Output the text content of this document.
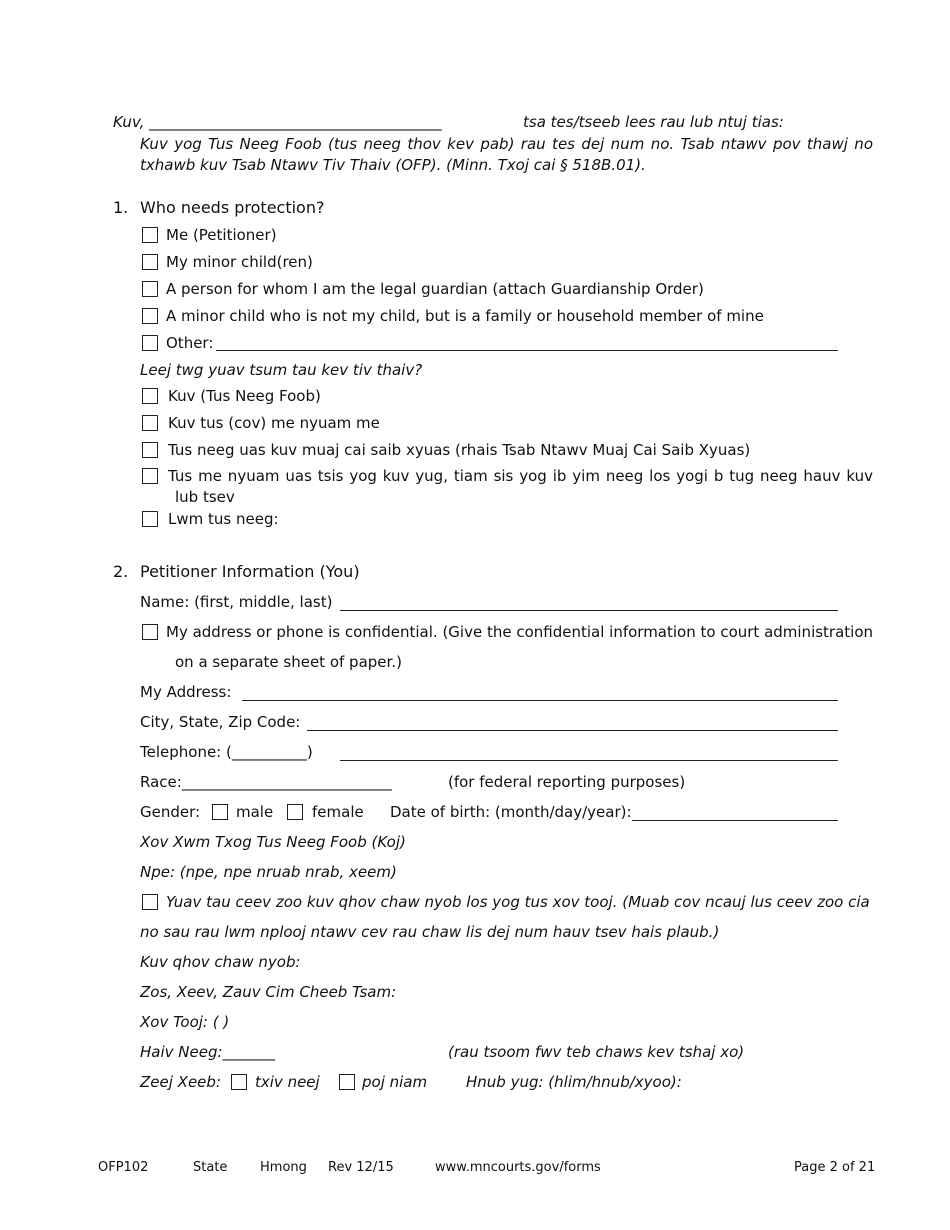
Kuv, _______________________________________	tsa tes/tseeb lees rau lub ntuj tias:
Kuv yog Tus Neeg Foob (tus neeg thov kev pab) rau tes dej num no. Tsab ntawv pov thawj no
txhawb kuv Tsab Ntawv Tiv Thaiv (OFP). (Minn. Txoj cai § 518B.01).
1. Who needs protection?
Me (Petitioner)
My minor child(ren)
A person for whom I am the legal guardian (attach Guardianship Order)
A minor child who is not my child, but is a family or household member of mine
Other:
Leej twg yuav tsum tau kev tiv thaiv?
Kuv (Tus Neeg Foob)
Kuv tus (cov) me nyuam me
Tus neeg uas kuv muaj cai saib xyuas (rhais Tsab Ntawv Muaj Cai Saib Xyuas)
Tus me nyuam uas tsis yog kuv yug, tiam sis yog ib yim neeg los yogi b tug neeg hauv kuv
lub tsev
Lwm tus neeg:
2. Petitioner Information (You)
Name: (first, middle, last)
My address or phone is confidential. (Give the confidential information to court administration
on a separate sheet of paper.)
My Address:
City, State, Zip Code:
Telephone: (__________)
Race:____________________________	(for federal reporting purposes)
Gender: male	female Date of birth: (month/day/year):
Xov Xwm Txog Tus Neeg Foob (Koj)
Npe: (npe, npe nruab nrab, xeem)
Yuav tau ceev zoo kuv qhov chaw nyob los yog tus xov tooj. (Muab cov ncauj lus ceev zoo cia
no sau rau lwm nplooj ntawv cev rau chaw lis dej num hauv tsev hais plaub.)
Kuv qhov chaw nyob:
Zos, Xeev, Zauv Cim Cheeb Tsam:
Xov Tooj: ( )
Haiv Neeg:_______	(rau tsoom fwv teb chaws kev tshaj xo)
Zeej Xeeb: txiv neej	poj niam	Hnub yug: (hlim/hnub/xyoo):
OFP102	State	Hmong Rev 12/15	www.mncourts.gov/forms	Page 2 of 21
